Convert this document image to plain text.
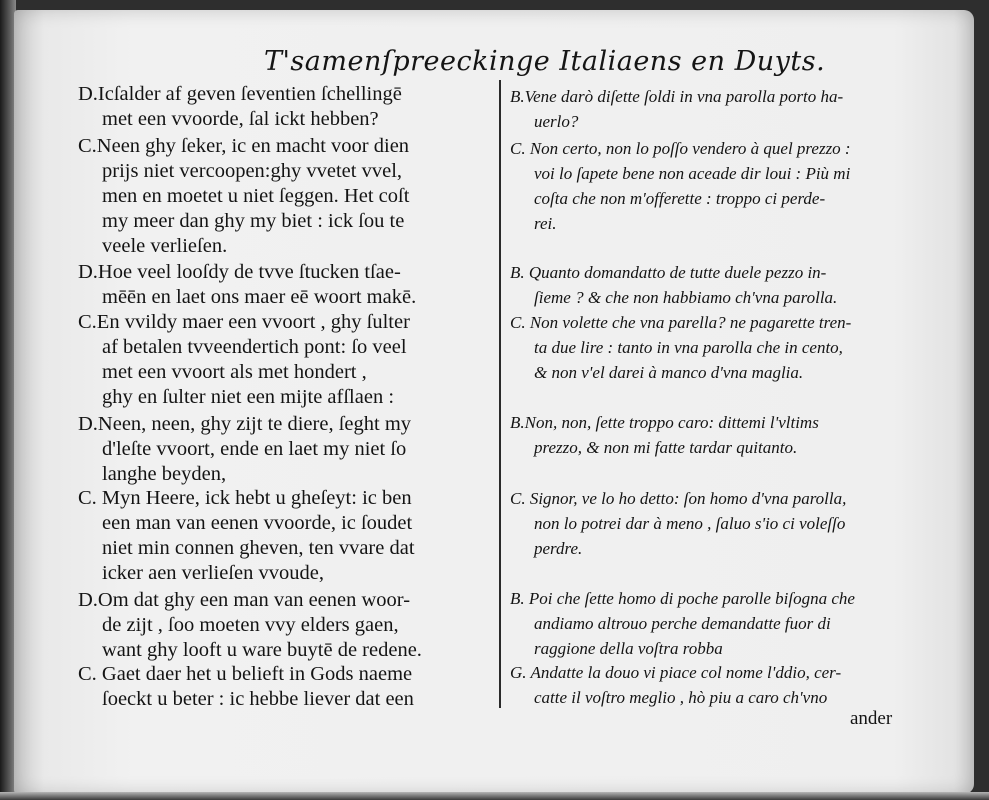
T'samenſpreeckinge Italiaens en Duyts.
D.Icſalder af geven ſeventien ſchellingē
met een vvoorde, ſal ickt hebben?
C.Neen ghy ſeker, ic en macht voor dien
prijs niet vercoopen:ghy vvetet vvel,
men en moetet u niet ſeggen. Het coſt
my meer dan ghy my biet : ick ſou te
veele verlieſen.
D.Hoe veel looſdy de tvve ſtucken tſae-
mēēn en laet ons maer eē woort makē.
C.En vvildy maer een vvoort , ghy ſulter
af betalen tvveendertich pont: ſo veel
met een vvoort als met hondert ,
ghy en ſulter niet een mijte afſlaen :
D.Neen, neen, ghy zijt te diere, ſeght my
d'leſte vvoort, ende en laet my niet ſo
langhe beyden,
C. Myn Heere, ick hebt u gheſeyt: ic ben
een man van eenen vvoorde, ic ſoudet
niet min connen gheven, ten vvare dat
icker aen verlieſen vvoude,
D.Om dat ghy een man van eenen woor-
de zijt , ſoo moeten vvy elders gaen,
want ghy looft u ware buytē de redene.
C. Gaet daer het u belieft in Gods naeme
ſoeckt u beter : ic hebbe liever dat een
B.Vene darò diſette ſoldi in vna parolla porto ha-
uerlo?
C. Non certo, non lo poſſo vendero à quel prezzo :
voi lo ſapete bene non aceade dir loui : Più mi
coſta che non m'offerette : troppo ci perde-
rei.
B. Quanto domandatto de tutte duele pezzo in-
ſieme ? & che non habbiamo ch'vna parolla.
C. Non volette che vna parella? ne pagarette tren-
ta due lire : tanto in vna parolla che in cento,
& non v'el darei à manco d'vna maglia.
B.Non, non, ſette troppo caro: dittemi l'vltims
prezzo, & non mi fatte tardar quitanto.
C. Signor, ve lo ho detto: ſon homo d'vna parolla,
non lo potrei dar à meno , ſaluo s'io ci voleſſo
perdre.
B. Poi che ſette homo di poche parolle biſogna che
andiamo altrouo perche demandatte fuor di
raggione della voſtra robba
G. Andatte la douo vi piace col nome l'ddio, cer-
catte il voſtro meglio , hò piu a caro ch'vno
ander
